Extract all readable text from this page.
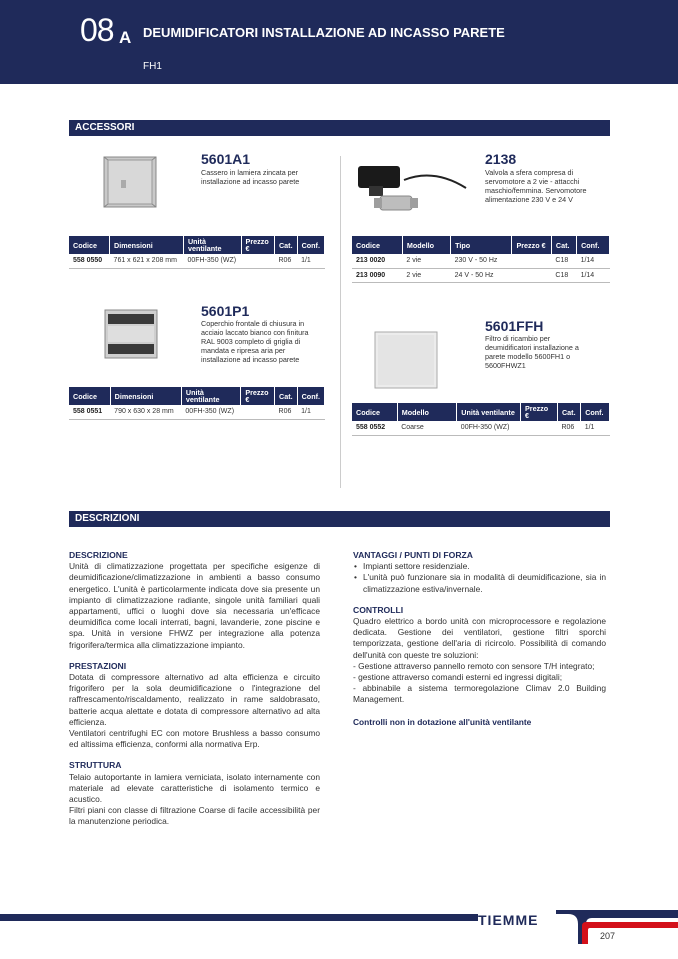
08 A DEUMIDIFICATORI INSTALLAZIONE AD INCASSO PARETE
FH1
ACCESSORI
5601A1
Cassero in lamiera zincata per installazione ad incasso parete
Codice	Dimensioni	Unità ventilante	Prezzo €	Cat.	Conf.
558 0550	761 x 621 x 208 mm	00FH-350 (WZ)		R06	1/1
2138
Valvola a sfera compresa di servomotore a 2 vie - attacchi maschio/femmina. Servomotore alimentazione 230 V e 24 V
Codice	Modello	Tipo	Prezzo €	Cat.	Conf.
213 0020	2 vie	230 V - 50 Hz		C18	1/14
213 0090	2 vie	24 V - 50 Hz		C18	1/14
5601P1
Coperchio frontale di chiusura in acciaio laccato bianco con finitura RAL 9003 completo di griglia di mandata e ripresa aria per installazione ad incasso parete
Codice	Dimensioni	Unità ventilante	Prezzo €	Cat.	Conf.
558 0551	790 x 630 x 28 mm	00FH-350 (WZ)		R06	1/1
5601FFH
Filtro di ricambio per deumidificatori installazione a parete modello 5600FH1 o 5600FHWZ1
Codice	Modello	Unità ventilante	Prezzo €	Cat.	Conf.
558 0552	Coarse	00FH-350 (WZ)		R06	1/1
DESCRIZIONI
DESCRIZIONE

Unità di climatizzazione progettata per specifiche esigenze di deumidificazione/climatizzazione in ambienti a basso consumo energetico. L'unità è particolarmente indicata dove sia presente un impianto di climatizzazione radiante, singole unità familiari quali appartamenti, uffici o luoghi dove sia necessaria un'efficace deumidifica come locali interrati, bagni, lavanderie, zone piscine e spa. Unità in versione FHWZ per integrazione alla potenza frigorifera/termica alla climatizzazione impianto.

PRESTAZIONI

Dotata di compressore alternativo ad alta efficienza e circuito frigorifero per la sola deumidificazione o l'integrazione del raffrescamento/riscaldamento, realizzato in rame saldobrasato, batterie acqua alettate e dotata di compressore alternativo ad alta efficienza.

Ventilatori centrifughi EC con motore Brushless a basso consumo ed altissima efficienza, conformi alla normativa Erp.

STRUTTURA

Telaio autoportante in lamiera verniciata, isolato internamente con materiale ad elevate caratteristiche di isolamento termico e acustico.

Filtri piani con classe di filtrazione Coarse di facile accessibilità per la manutenzione periodica.

VANTAGGI / PUNTI DI FORZA
• Impianti settore residenziale.
• L'unità può funzionare sia in modalità di deumidificazione, sia in climatizzazione estiva/invernale.
CONTROLLI

Quadro elettrico a bordo unità con microprocessore e regolazione dedicata. Gestione dei ventilatori, gestione filtri sporchi temporizzata, gestione dell'aria di ricircolo. Possibilità di comando dell'unità con queste tre soluzioni:

- Gestione attraverso pannello remoto con sensore T/H integrato;

- gestione attraverso comandi esterni ed ingressi digitali;

- abbinabile a sistema termoregolazione Climav 2.0 Building Management.

Controlli non in dotazione all'unità ventilante

TIEMME
207
